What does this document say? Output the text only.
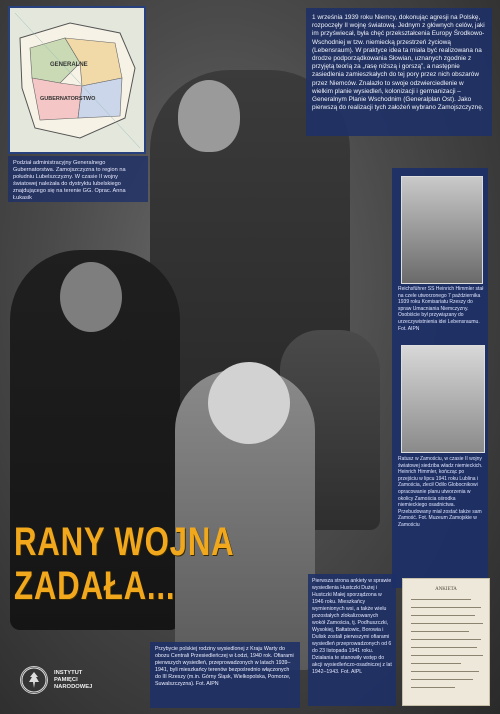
GENERALNE
GUBERNATORSTWO
Podział administracyjny Generalnego Gubernatorstwa. Zamojszczyzna to region na południu Lubelszczyzny. W czasie II wojny światowej należała do dystryktu lubelskiego znajdującego się na terenie GG. Oprac. Anna Łukasik
1 września 1939 roku Niemcy, dokonując agresji na Polskę, rozpoczęły II wojnę światową. Jednym z głównych celów, jaki im przyświecał, była chęć przekształcenia Europy Środkowo-Wschodniej w tzw. niemiecką przestrzeń życiową (Lebensraum). W praktyce idea ta miała być realizowana na drodze podporządkowania Słowian, uznanych zgodnie z przyjętą teorią za „rasę niższą i gorszą”, a następnie zasiedlenia zamieszkałych do tej pory przez nich obszarów przez Niemców. Znalazło to swoje odzwierciedlenie w wielkim planie wysiedleń, kolonizacji i germanizacji – Generalnym Planie Wschodnim (Generalplan Ost). Jako pierwszą do realizacji tych założeń wybrano Zamojszczyznę.
Reichsführer SS Heinrich Himmler stał na czele utworzonego 7 października 1939 roku Komisariatu Rzeszy do spraw Umacniania Niemczyzny. Osobiście był przywiązany do urzeczywistnienia idei Lebensraumu. Fot. AIPN
Ratusz w Zamościu, w czasie II wojny światowej siedziba władz niemieckich. Heinrich Himmler, kończąc po przejściu w lipcu 1941 roku Lublina i Zamościa, zlecił Odilo Globocnikowi opracowanie planu utworzenia w okolicy Zamościa ośrodka niemieckiego osadnictwa. Przebudowany miał zostać także sam Zamość. Fot. Muzeum Zamojskie w Zamościu
Pierwsza strona ankiety w sprawie wysiedlenia Hustczki Dużej i Hustczki Małej sporządzona w 1946 roku. Mieszkańcy wymienionych wsi, a także wielu pozostałych zlokalizowanych wokół Zamościa, tj. Podhuszczki, Wysokiej, Bałtatowic, Borowia i Dulisk zostali pierwszymi ofiarami wysiedleń przeprowadzonych od 6 do 23 listopada 1941 roku. Działania te stanowiły wstęp do akcji wysiedleńczo-osadniczej z lat 1942–1943. Fot. AIPL
ANKIETA
Przybycie polskiej rodziny wysiedlonej z Kraju Warty do obozu Centrali Przesiedleńczej w Łodzi, 1940 rok. Ofiarami pierwszych wysiedleń, przeprowadzonych w latach 1939–1941, byli mieszkańcy terenów bezpośrednio włączonych do III Rzeszy (m.in. Górny Śląsk, Wielkopolska, Pomorze, Suwalszczyzna). Fot. AIPN
RANY WOJNA
ZADAŁA...
INSTYTUT
PAMIĘCI
NARODOWEJ
